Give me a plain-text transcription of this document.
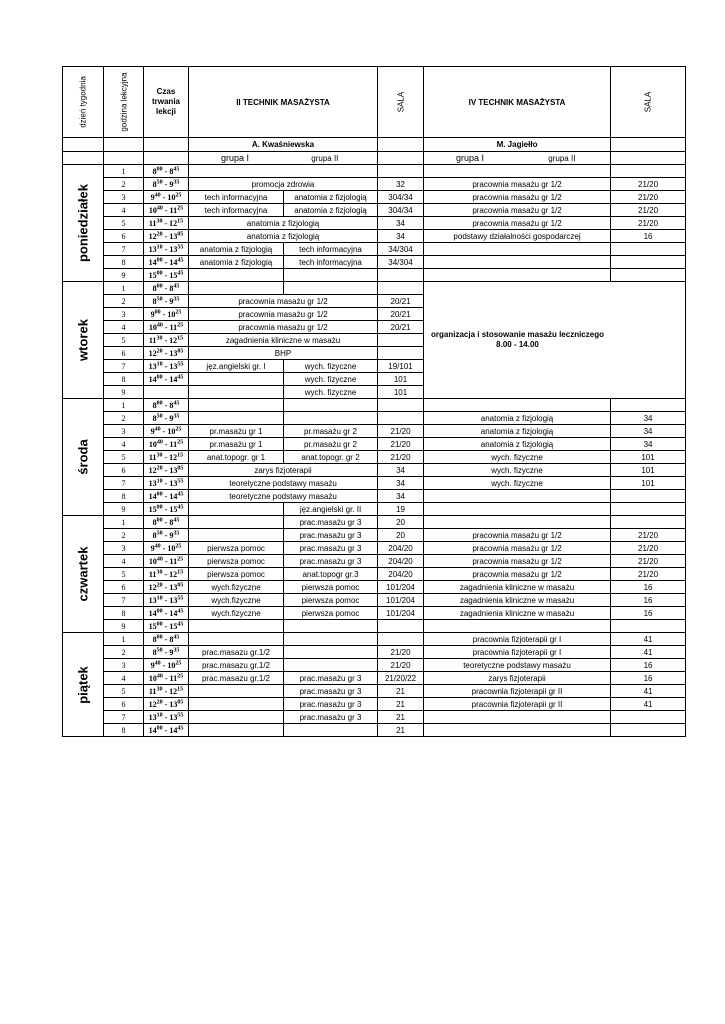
dzień tygodnia	godzina lekcyjna	Czas trwania lekcji	II TECHNIK MASAŻYSTA		SALA	IV TECHNIK MASAŻYSTA	SALA

			A. Kwaśniewska			M. Jagiełło	
			grupa I grupa II			grupa I grupa II	

poniedziałek	1	$8^{00} - 8^{45}$				
	2	$8^{50} - 9^{35}$	promocja zdrowia		32	pracownia masażu gr 1/2	21/20
	3	$9^{40} - 10^{25}$	tech informacyjna	anatomia z fizjologią	304/34	pracownia masażu gr 1/2	21/20
	4	$10^{40} - 11^{25}$	tech informacyjna	anatomia z fizjologią	304/34	pracownia masażu gr 1/2	21/20
	5	$11^{30} - 12^{15}$	anatomia z fizjologią		34	pracownia masażu gr 1/2	21/20
	6	$12^{20} - 13^{05}$	anatomia z fizjologią		34	podstawy działalności gospodarczej	16
	7	$13^{10} - 13^{55}$	anatomia z fizjologią	tech informacyjna	34/304		
	8	$14^{00} - 14^{45}$	anatomia z fizjologią	tech informacyjna	34/304		
	9	$15^{00} - 15^{45}$					

wtorek	1	$8^{00} - 8^{45}$				organizacja i stosowanie masażu leczniczego 8.00 - 14.00	

	2	$8^{50} - 9^{35}$	pracownia masażu gr 1/2		20/21		
	3	$9^{00} - 10^{25}$	pracownia masażu gr 1/2		20/21		
	4	$10^{40} - 11^{25}$	pracownia masażu gr 1/2		20/21		
	5	$11^{30} - 12^{15}$	zagadnienia kliniczne w masażu				
	6	$12^{20} - 13^{05}$	BHP				
	7	$13^{10} - 13^{55}$	jęz.angielski gr. I	wych. fizyczne	19/101		
	8	$14^{00} - 14^{45}$		wych. fizyczne	101		
	9			wych. fizyczne	101		

środa	1	$8^{00} - 8^{45}$					
	2	$8^{50} - 9^{35}$				anatomia z fizjologią	34
	3	$9^{40} - 10^{25}$	pr.masażu gr 1	pr.masażu gr 2	21/20	anatomia z fizjologią	34
	4	$10^{40} - 11^{25}$	pr.masażu gr 1	pr.masażu gr 2	21/20	anatomia z fizjologią	34
	5	$11^{30} - 12^{15}$	anat.topogr. gr 1	anat.topogr. gr 2	21/20	wych. fizyczne	101
	6	$12^{20} - 13^{05}$	zarys fizjoterapii		34	wych. fizyczne	101
	7	$13^{10} - 13^{55}$	teoretyczne podstawy masażu		34	wych. fizyczne	101
	8	$14^{00} - 14^{45}$	teoretyczne podstawy masażu		34		
	9	$15^{00} - 15^{45}$		jęz.angielski gr. II	19		

czwartek	1	$8^{00} - 8^{45}$		prac.masażu gr 3	20		
	2	$8^{50} - 9^{35}$		prac.masażu gr 3	20	pracownia masażu gr 1/2	21/20
	3	$9^{40} - 10^{25}$	pierwsza pomoc	prac.masażu gr 3	204/20	pracownia masażu gr 1/2	21/20
	4	$10^{40} - 11^{25}$	pierwsza pomoc	prac.masażu gr 3	204/20	pracownia masażu gr 1/2	21/20
	5	$11^{30} - 12^{15}$	pierwsza pomoc	anat.topogr gr.3	204/20	pracownia masażu gr 1/2	21/20
	6	$12^{20} - 13^{05}$	wych.fizyczne	pierwsza pomoc	101/204	zagadnienia kliniczne w masażu	16
	7	$13^{10} - 13^{55}$	wych.fizyczne	pierwsza pomoc	101/204	zagadnienia kliniczne w masażu	16
	8	$14^{00} - 14^{45}$	wych.fizyczne	pierwsza pomoc	101/204	zagadnienia kliniczne w masażu	16
	9	$15^{00} - 15^{45}$					

piątek	1	$8^{00} - 8^{45}$				pracownia fizjoterapii gr I	41
	2	$8^{50} - 9^{35}$	prac.masazu gr.1/2		21/20	pracownia fizjoterapii gr I	41
	3	$9^{40} - 10^{25}$	prac.masazu gr.1/2		21/20	teoretyczne podstawy masażu	16
	4	$10^{40} - 11^{25}$	prac.masazu gr.1/2	prac.masażu gr 3	21/20/22	zarys fizjoterapii	16
	5	$11^{30} - 12^{15}$		prac.masażu gr 3	21	pracownia fizjoterapii gr II	41
	6	$12^{20} - 13^{05}$		prac.masażu gr 3	21	pracownia fizjoterapii gr II	41
	7	$13^{10} - 13^{55}$		prac.masażu gr 3	21		
	8	$14^{00} - 14^{45}$			21		
